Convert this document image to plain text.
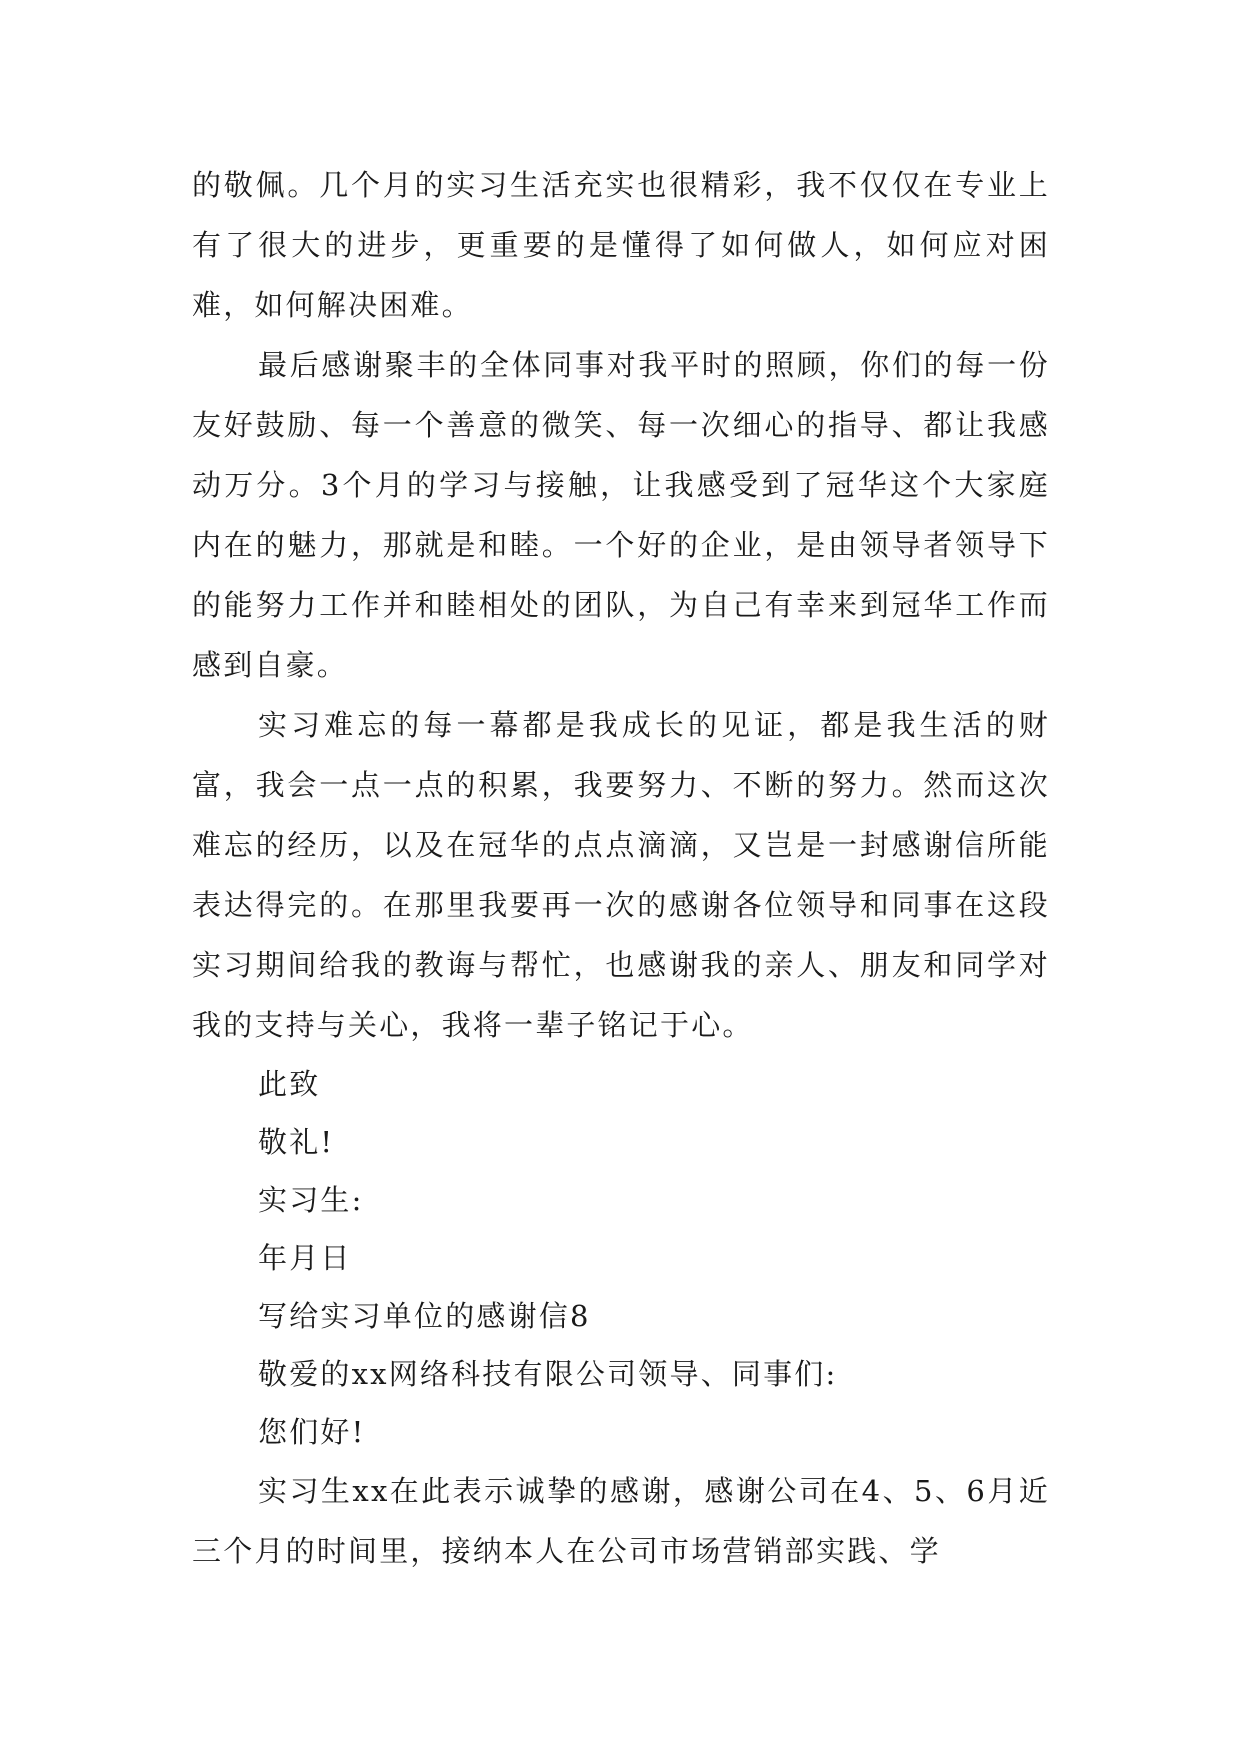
的敬佩。几个月的实习生活充实也很精彩，我不仅仅在专业上有了很大的进步，更重要的是懂得了如何做人，如何应对困难，如何解决困难。

最后感谢聚丰的全体同事对我平时的照顾，你们的每一份友好鼓励、每一个善意的微笑、每一次细心的指导、都让我感动万分。3个月的学习与接触，让我感受到了冠华这个大家庭内在的魅力，那就是和睦。一个好的企业，是由领导者领导下的能努力工作并和睦相处的团队，为自己有幸来到冠华工作而感到自豪。

实习难忘的每一幕都是我成长的见证，都是我生活的财富，我会一点一点的积累，我要努力、不断的努力。然而这次难忘的经历，以及在冠华的点点滴滴，又岂是一封感谢信所能表达得完的。在那里我要再一次的感谢各位领导和同事在这段实习期间给我的教诲与帮忙，也感谢我的亲人、朋友和同学对我的支持与关心，我将一辈子铭记于心。

此致

敬礼!

实习生:

年月日

写给实习单位的感谢信8

敬爱的xx网络科技有限公司领导、同事们:

您们好!

实习生xx在此表示诚挚的感谢，感谢公司在4、5、6月近三个月的时间里，接纳本人在公司市场营销部实践、学
